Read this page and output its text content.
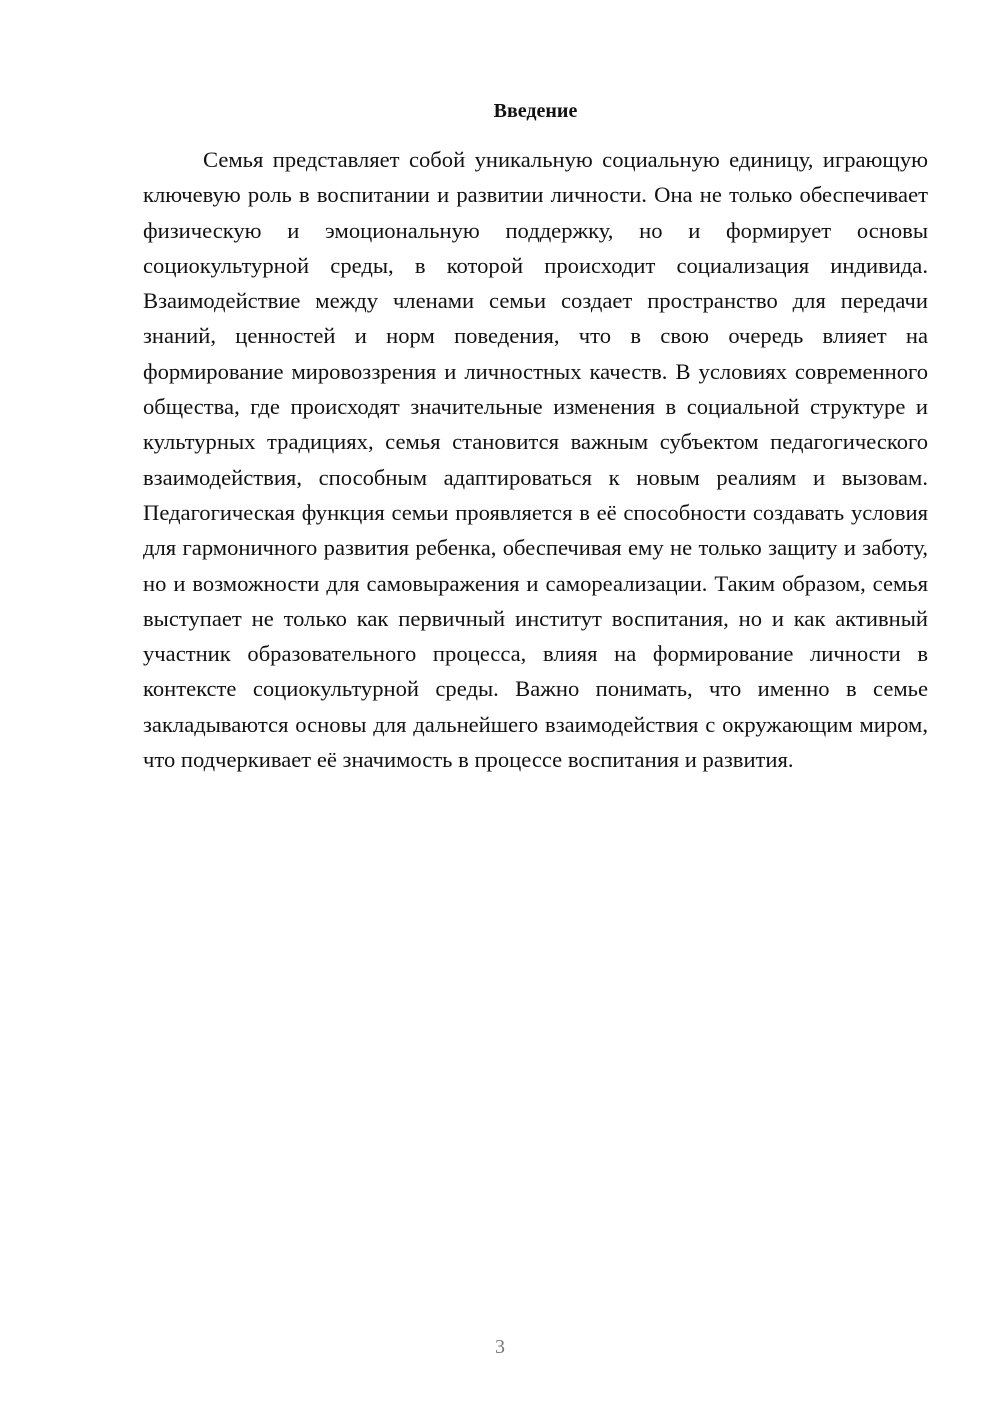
Введение

Семья представляет собой уникальную социальную единицу, играющую ключевую роль в воспитании и развитии личности. Она не только обеспечивает физическую и эмоциональную поддержку, но и формирует основы социокультурной среды, в которой происходит социализация индивида. Взаимодействие между членами семьи создает пространство для передачи знаний, ценностей и норм поведения, что в свою очередь влияет на формирование мировоззрения и личностных качеств. В условиях современного общества, где происходят значительные изменения в социальной структуре и культурных традициях, семья становится важным субъектом педагогического взаимодействия, способным адаптироваться к новым реалиям и вызовам. Педагогическая функция семьи проявляется в её способности создавать условия для гармоничного развития ребенка, обеспечивая ему не только защиту и заботу, но и возможности для самовыражения и самореализации. Таким образом, семья выступает не только как первичный институт воспитания, но и как активный участник образовательного процесса, влияя на формирование личности в контексте социокультурной среды. Важно понимать, что именно в семье закладываются основы для дальнейшего взаимодействия с окружающим миром, что подчеркивает её значимость в процессе воспитания и развития.

3
